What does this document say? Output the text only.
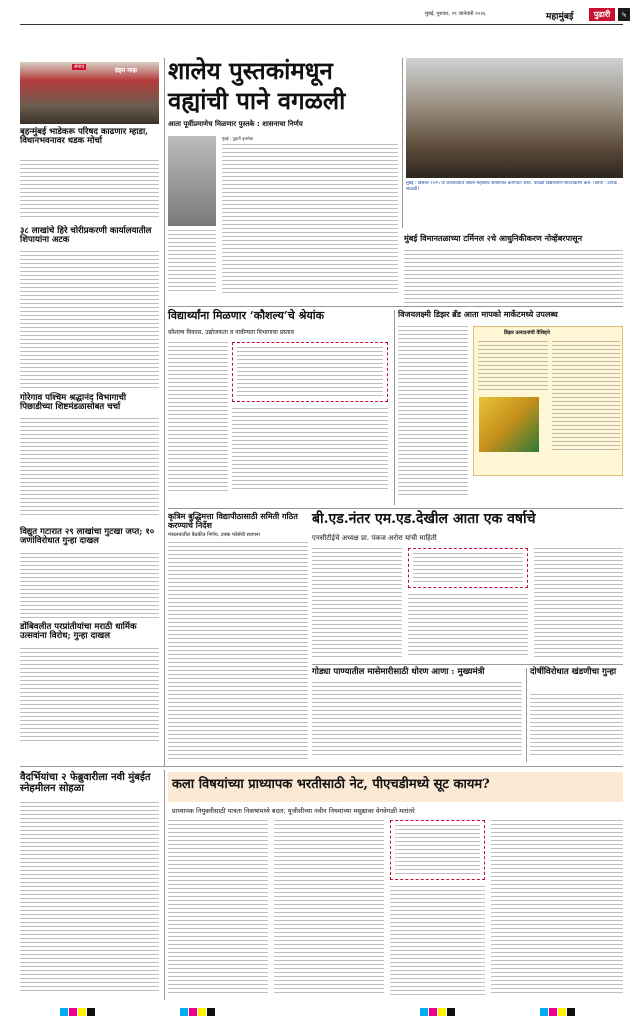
मुंबई, गुरुवार, २९ जानेवारी २०२६	महामुंबई	पुढारी	५
संवाद	इंड्स माझ
बृहन्मुंबई भाडेकरू परिषद काढणार म्हाडा, विधानभवनावर धडक मोर्चा
३८ लाखांचे हिरे चोरीप्रकरणी कार्यालयातील शिपायांना अटक
गोरेगाव पश्चिम श्रद्धानंद विभागाची पिछाडीच्या शिष्टमंडळासोबत चर्चा
विद्युत गटारात २९ लाखांचा गुटखा जप्त; १० जणांविरोधात गुन्हा दाखल
डोंबिवलीत परप्रांतीयांचा मराठी धार्मिक उत्सवांना विरोध; गुन्हा दाखल
शालेय पुस्तकांमधून
वह्यांची पाने वगळली
आता पूर्वीप्रमाणेच मिळणार पुस्तके : शासनाचा निर्णय
मुंबई : पुढारी वृत्तसेवा
मुंबई : डिसेंबर २०२५ या कालावधीत जीवन महोत्सव आयोजित करण्यात आले. यावेळी विद्यार्थ्यांनी सादरीकरण केले. (छाया : दीपक साळवी)
मुंबई विमानतळाच्या टर्मिनल २चे आधुनिकीकरण नोव्हेंबरपासून
विद्यार्थ्यांना मिळणार ‘कौशल्य’चे श्रेयांक
कौशल्य विकास, उद्योजकता व नावीन्यता विभागाचा प्रस्ताव
विजयलक्ष्मी डिझर ब्रँड आता मापको मार्केटमध्ये उपलब्ध
डिझर उत्पादनांची वैशिष्ट्ये
कृत्रिम बुद्धिमत्ता विद्यापीठासाठी समिती गठित करण्याचे निर्देश
मंत्रालयातील बैठकीत निर्णय, टास्क फोर्सची स्थापना
बी.एड.नंतर एम.एड.देखील आता एक वर्षाचे
एनसीटीईचे अध्यक्ष प्रा. पंकज अरोरा यांची माहिती
गोड्या पाण्यातील मासेमारीसाठी धोरण आणा : मुख्यमंत्री	दोषींविरोधात खंडणीचा गुन्हा
वैदर्भियांचा २ फेब्रुवारीला नवी मुंबईत स्नेहमीलन सोहळा	कला विषयांच्या प्राध्यापक भरतीसाठी नेट, पीएचडीमध्ये सूट कायम?
प्राध्यापक नियुक्तीसाठी पात्रता निकषांमध्ये बदल; यूजीसीच्या नवीन नियमांच्या मसुद्यावर वेगवेगळी मतांतरे
